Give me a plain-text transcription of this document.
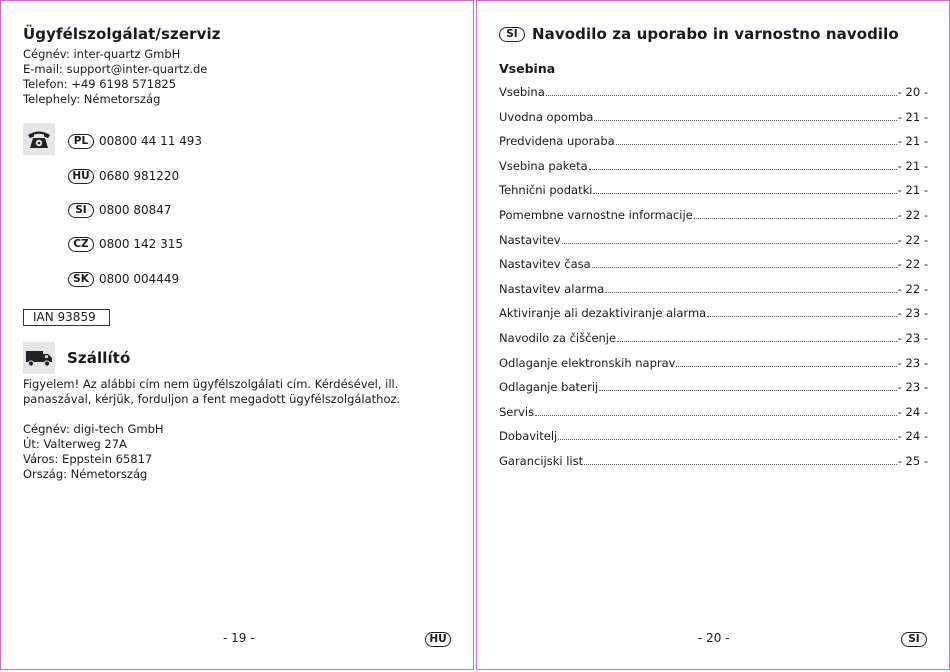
Ügyfélszolgálat/szerviz
Cégnév: inter-quartz GmbH
E-mail: support@inter-quartz.de
Telefon: +49 6198 571825
Telephely: Németország
PL 00800 44 11 493
HU 0680 981220
SI	0800 80847
CZ 0800 142 315
SK 0800 004449
IAN 93859
Szállító
Figyelem! Az alábbi cím nem ügyfélszolgálati cím. Kérdésével, ill. panaszával, kérjük, forduljon a fent megadott ügyfélszolgálathoz.
Cégnév: digi-tech GmbH
Út: Valterweg 27A
Város: Eppstein 65817
Ország: Németország
- 19 -	HU
SI Navodilo za uporabo in varnostno navodilo
Vsebina
Vsebina	- 20 -
Uvodna opomba	- 21 -
Predvidena uporaba	- 21 -
Vsebina paketa	- 21 -
Tehnični podatki	- 21 -
Pomembne varnostne informacije	- 22 -
Nastavitev	- 22 -
Nastavitev časa	- 22 -
Nastavitev alarma	- 22 -
Aktiviranje ali dezaktiviranje alarma	- 23 -
Navodilo za čiščenje	- 23 -
Odlaganje elektronskih naprav	- 23 -
Odlaganje baterij	- 23 -
Servis	- 24 -
Dobavitelj	- 24 -
Garancijski list	- 25 -
- 20 -	SI
